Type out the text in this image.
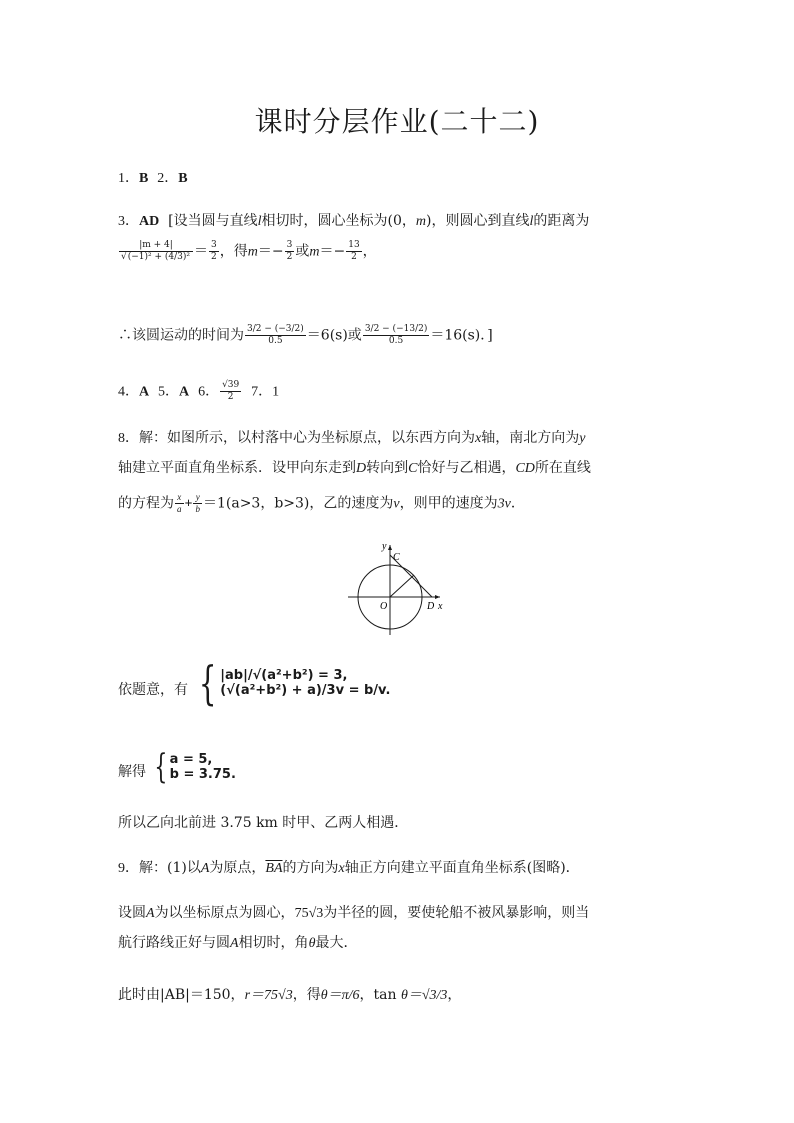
课时分层作业(二十二)
1．B 2．B
3．AD [设当圆与直线l相切时，圆心坐标为(0，m)，则圆心到直线l的距离为
$\frac{|m + 4|}{\text{√(−1)² + (4/3)²}} = \frac{3}{2}$ ，得$m=- \frac{3}{2}$ 或$m=- \frac{13}{2}$ ，
∴该圆运动的时间为 $\frac{3/2 - (-3/2)}{0.5} =6(s)$或 $\frac{3/2 - (-13/2)}{0.5} =16(s)$．]
4．A 5．A 6． $\frac{√39}{2} 7$．1
8．解：如图所示，以村落中心为坐标原点，以东西方向为x轴，南北方向为y
轴建立平面直角坐标系．设甲向东走到D转向到C恰好与乙相遇，CD所在直线
的方程为 $\frac{x}{a} + \frac{y}{b} =1(a>3$，b>3)，乙的速度为v，则甲的速度为3v．
y
C
O	D x
依题意，有 { |ab|/√(a²+b²) = 3,
(√(a²+b²) + a)/3v = b/v.
解得 { a = 5,
b = 3.75.
所以乙向北前进 3.75 km 时甲、乙两人相遇．
9．解：(1)以A为原点，$\overline{BA}$的方向为x轴正方向建立平面直角坐标系(图略)．
设圆A为以坐标原点为圆心，75√3为半径的圆，要使轮船不被风暴影响，则当
航行路线正好与圆A相切时，角θ最大．
此时由|AB|＝150，r＝75√3，得θ＝π/6，tan θ＝√3/3，
